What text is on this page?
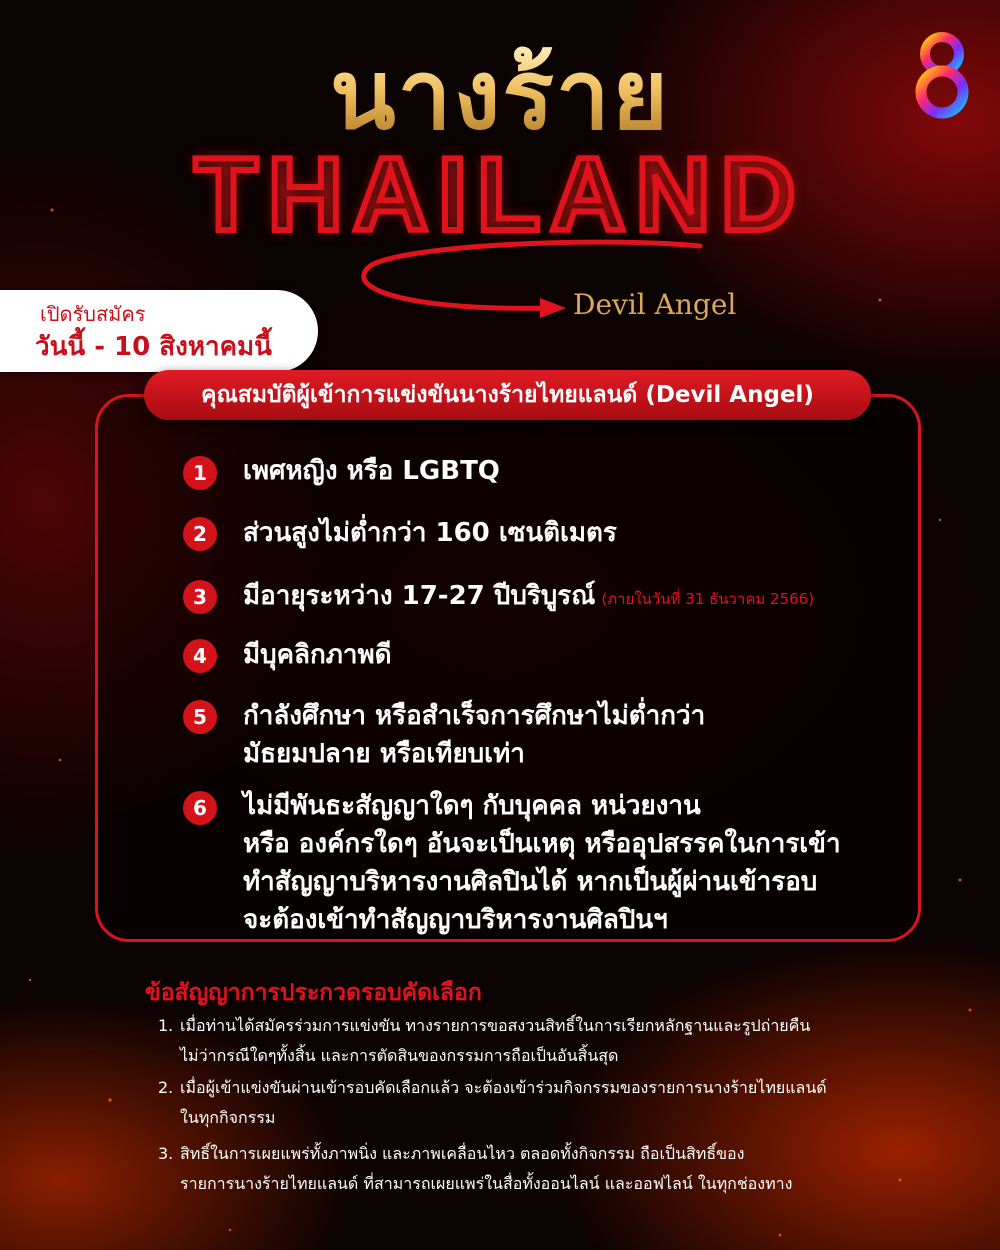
นางร้าย
THAILAND
Devil Angel
เปิดรับสมัคร
วันนี้ - 10 สิงหาคมนี้
คุณสมบัติผู้เข้าการแข่งขันนางร้ายไทยแลนด์ (Devil Angel)
1	เพศหญิง หรือ LGBTQ
2	ส่วนสูงไม่ต่ำกว่า 160 เซนติเมตร
3	มีอายุระหว่าง 17-27 ปีบริบูรณ์ (ภายในวันที่ 31 ธันวาคม 2566)
4	มีบุคลิกภาพดี
5	กำลังศึกษา หรือสำเร็จการศึกษาไม่ต่ำกว่า
มัธยมปลาย หรือเทียบเท่า
6	ไม่มีพันธะสัญญาใดๆ กับบุคคล หน่วยงาน
หรือ องค์กรใดๆ อันจะเป็นเหตุ หรืออุปสรรคในการเข้า
ทำสัญญาบริหารงานศิลปินได้ หากเป็นผู้ผ่านเข้ารอบ
จะต้องเข้าทำสัญญาบริหารงานศิลปินฯ
ข้อสัญญาการประกวดรอบคัดเลือก
1. เมื่อท่านได้สมัครร่วมการแข่งขัน ทางรายการขอสงวนสิทธิ์ในการเรียกหลักฐานและรูปถ่ายคืน
ไม่ว่ากรณีใดๆทั้งสิ้น และการตัดสินของกรรมการถือเป็นอันสิ้นสุด
2. เมื่อผู้เข้าแข่งขันผ่านเข้ารอบคัดเลือกแล้ว จะต้องเข้าร่วมกิจกรรมของรายการนางร้ายไทยแลนด์
ในทุกกิจกรรม
3. สิทธิ์ในการเผยแพร่ทั้งภาพนิ่ง และภาพเคลื่อนไหว ตลอดทั้งกิจกรรม ถือเป็นสิทธิ์ของ
รายการนางร้ายไทยแลนด์ ที่สามารถเผยแพร่ในสื่อทั้งออนไลน์ และออฟไลน์ ในทุกช่องทาง
